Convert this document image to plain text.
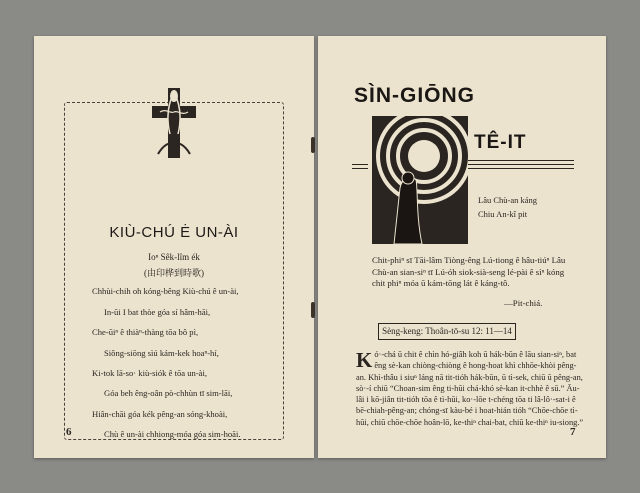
KIÙ-CHÚ Ė UN-ÀI
Ioⁿ Sêk-lîm ék
(由印桦到時歌)
Chhùi-chih oh kóng-bêng Kiù-chú ê un-ài,
In-ūi I bat thòe góa sí hâm-hāi,
Che-ūiⁿ ê thiàⁿ-thàng tōa bô pì,
Siông-siōng sìú kám-kek hoaⁿ-hí,
Ki-tok lā-so· kiù-siók ê tōa un-ài,
Góa beh êng-oân pò-chhùn tī sim-lāi,
Hiân-chāi góa kék pêng-an sóng-khoài,
Chù ê un-ài chhiong-móa góa sim-hoāi.
6
SÌN-GIŌNG
TÊ-IT
Lâu Chù-an káng
Chiu An-kî pit
Chit-phiⁿ sī Tāi-lâm Tiòng-êng Lú-tiong ê hâu-tiúⁿ Lâu Chù-an sian-siⁿ tī Lú-óh siok-sià-seng lé-pài ê sìⁿ kóng chit phiⁿ móa ū kám-tōng lát ê káng-tô.
—Pit-chiá.
Sèng-keng: Thoân-tō-su 12: 11—14
K ó·-chá ū chit ê chìn hó-giâh koh ū hák-būn ê lāu sian-siⁿ, bat êng sè-kan chiòng-chiòng ê hong-hoat khì chhōe-khòi pêng-an. Khì-thâu i siuⁿ láng nā tit-tióh hák-būn, ū tì-sek, chiū ū pêng-an, sò·-í chiū “Choan-sim êng ti-hūi chá-khó sè-kan it-chhè ê sū.” Āu-lâi i kō-jiân tit-tióh tōa ê tì-hūi, ko·-lōe t-chéng tōa ti lâ-lô·-sat-i ê bē-chiah-pêng-an; chóng-sī kàu-bé i hoat-hián tióh “Chōe-chōe tì-hūi, chiū chōe-chōe hoân-lō, ke-thiⁿ chai-bat, chiū ke-thiⁿ iu-siong.”
7
